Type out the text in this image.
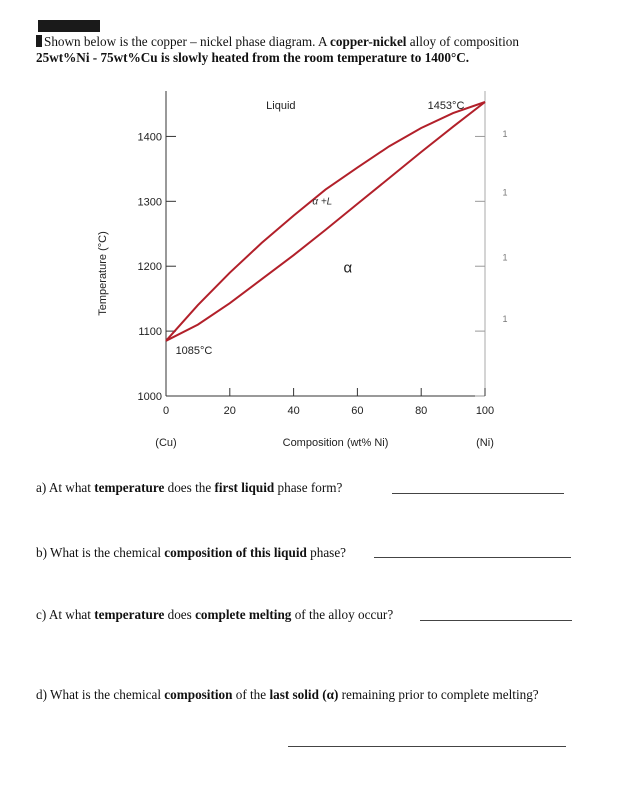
Shown below is the copper – nickel phase diagram. A copper-nickel alloy of composition
25wt%Ni - 75wt%Cu is slowly heated from the room temperature to 1400°C.
1000
1100
1200
1300
1400
0	20	40	60	80	100
Temperature (°C)
Composition (wt% Ni)
(Cu)	(Ni)
Liquid
α +L
α
1085°C
1453°C
1
1
1
1
a) At what temperature does the first liquid phase form?
b) What is the chemical composition of this liquid phase?
c) At what temperature does complete melting of the alloy occur?
d) What is the chemical composition of the last solid (α) remaining prior to complete melting?
